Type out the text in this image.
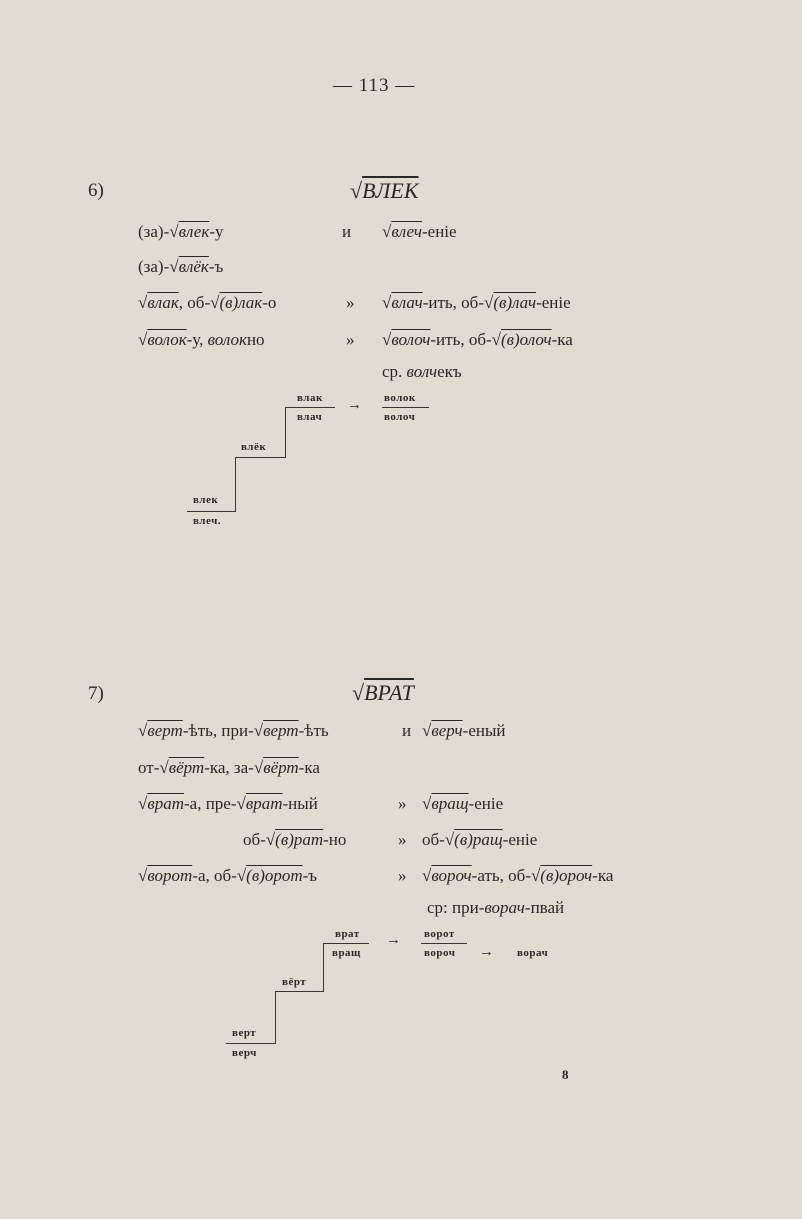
— 113 —
6)	√ВЛЕК
(за)-√влек-у	и √влеч-еніе
(за)-√влёк-ъ
√влак, об-√(в)лак-о	» √влач-ить, об-√(в)лач-еніе
√волок-у, волокно	» √волоч-ить, об-√(в)олоч-ка
ср. волчекъ
влак
влач
→ волок
волоч
влёк
влек
влеч.
7)	√ВРАТ
√верт-ѣть, при-√верт-ѣть	и √верч-еный
от-√вёрт-ка, за-√вёрт-ка
√врат-а, пре-√врат-ный	» √вращ-еніе
об-√(в)рат-но	» об-√(в)ращ-еніе
√ворот-а, об-√(в)орот-ъ	» √вороч-ать, об-√(в)ороч-ка
ср: при-ворач-пвай
врат
вращ
→ ворот
вороч → ворач
вёрт
верт
верч
8
